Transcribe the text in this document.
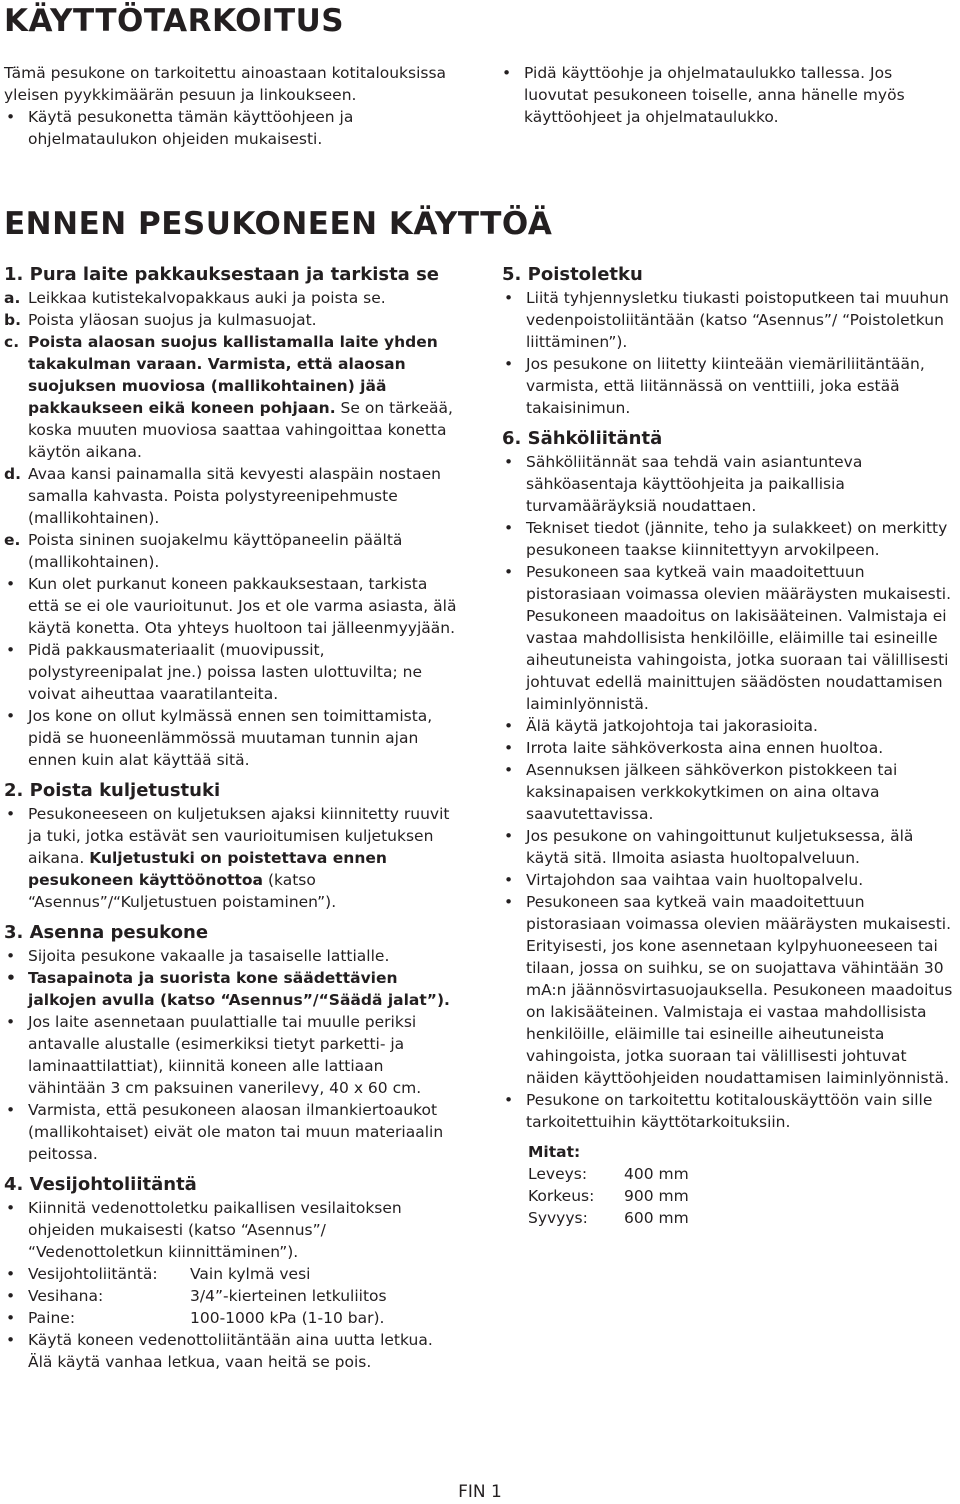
KÄYTTÖTARKOITUS

Tämä pesukone on tarkoitettu ainoastaan kotitalouksissa yleisen pyykkimäärän pesuun ja linkoukseen.

• Käytä pesukonetta tämän käyttöohjeen ja ohjelmataulukon ohjeiden mukaisesti.
• Pidä käyttöohje ja ohjelmataulukko tallessa. Jos luovutat pesukoneen toiselle, anna hänelle myös käyttöohjeet ja ohjelmataulukko.
ENNEN PESUKONEEN KÄYTTÖÄ
1. Pura laite pakkauksestaan ja tarkista se
a. Leikkaa kutistekalvopakkaus auki ja poista se.
b. Poista yläosan suojus ja kulmasuojat.
c. Poista alaosan suojus kallistamalla laite yhden takakulman varaan. Varmista, että alaosan suojuksen muoviosa (mallikohtainen) jää pakkaukseen eikä koneen pohjaan. Se on tärkeää, koska muuten muoviosa saattaa vahingoittaa konetta käytön aikana.
d. Avaa kansi painamalla sitä kevyesti alaspäin nostaen samalla kahvasta. Poista polystyreenipehmuste (mallikohtainen).
e. Poista sininen suojakelmu käyttöpaneelin päältä (mallikohtainen).
• Kun olet purkanut koneen pakkauksestaan, tarkista että se ei ole vaurioitunut. Jos et ole varma asiasta, älä käytä konetta. Ota yhteys huoltoon tai jälleenmyyjään.
• Pidä pakkausmateriaalit (muovipussit, polystyreenipalat jne.) poissa lasten ulottuvilta; ne voivat aiheuttaa vaaratilanteita.
• Jos kone on ollut kylmässä ennen sen toimittamista, pidä se huoneenlämmössä muutaman tunnin ajan ennen kuin alat käyttää sitä.
2. Poista kuljetustuki
• Pesukoneeseen on kuljetuksen ajaksi kiinnitetty ruuvit ja tuki, jotka estävät sen vaurioitumisen kuljetuksen aikana. Kuljetustuki on poistettava ennen pesukoneen käyttöönottoa (katso “Asennus”/“Kuljetustuen poistaminen”).
3. Asenna pesukone
• Sijoita pesukone vakaalle ja tasaiselle lattialle.
• Tasapainota ja suorista kone säädettävien jalkojen avulla (katso “Asennus”/“Säädä jalat”).
• Jos laite asennetaan puulattialle tai muulle periksi antavalle alustalle (esimerkiksi tietyt parketti- ja laminaattilattiat), kiinnitä koneen alle lattiaan vähintään 3 cm paksuinen vanerilevy, 40 x 60 cm.
• Varmista, että pesukoneen alaosan ilmankiertoaukot (mallikohtaiset) eivät ole maton tai muun materiaalin peitossa.
4. Vesijohtoliitäntä
• Kiinnitä vedenottoletku paikallisen vesilaitoksen ohjeiden mukaisesti (katso “Asennus”/ “Vedenottoletkun kiinnittäminen”).
• Vesijohtoliitäntä: Vain kylmä vesi
• Vesihana:	3/4”-kierteinen letkuliitos
• Paine:	100-1000 kPa (1-10 bar).
• Käytä koneen vedenottoliitäntään aina uutta letkua. Älä käytä vanhaa letkua, vaan heitä se pois.
5. Poistoletku
• Liitä tyhjennysletku tiukasti poistoputkeen tai muuhun vedenpoistoliitäntään (katso “Asennus”/ “Poistoletkun liittäminen”).
• Jos pesukone on liitetty kiinteään viemäriliitäntään, varmista, että liitännässä on venttiili, joka estää takaisinimun.
6. Sähköliitäntä
• Sähköliitännät saa tehdä vain asiantunteva sähköasentaja käyttöohjeita ja paikallisia turvamääräyksiä noudattaen.
• Tekniset tiedot (jännite, teho ja sulakkeet) on merkitty pesukoneen taakse kiinnitettyyn arvokilpeen.
• Pesukoneen saa kytkeä vain maadoitettuun pistorasiaan voimassa olevien määräysten mukaisesti. Pesukoneen maadoitus on lakisääteinen. Valmistaja ei vastaa mahdollisista henkilöille, eläimille tai esineille aiheutuneista vahingoista, jotka suoraan tai välillisesti johtuvat edellä mainittujen säädösten noudattamisen laiminlyönnistä.
• Älä käytä jatkojohtoja tai jakorasioita.
• Irrota laite sähköverkosta aina ennen huoltoa.
• Asennuksen jälkeen sähköverkon pistokkeen tai kaksinapaisen verkkokytkimen on aina oltava saavutettavissa.
• Jos pesukone on vahingoittunut kuljetuksessa, älä käytä sitä. Ilmoita asiasta huoltopalveluun.
• Virtajohdon saa vaihtaa vain huoltopalvelu.
• Pesukoneen saa kytkeä vain maadoitettuun pistorasiaan voimassa olevien määräysten mukaisesti. Erityisesti, jos kone asennetaan kylpyhuoneeseen tai tilaan, jossa on suihku, se on suojattava vähintään 30 mA:n jäännösvirtasuojauksella. Pesukoneen maadoitus on lakisääteinen. Valmistaja ei vastaa mahdollisista henkilöille, eläimille tai esineille aiheutuneista vahingoista, jotka suoraan tai välillisesti johtuvat näiden käyttöohjeiden noudattamisen laiminlyönnistä.
• Pesukone on tarkoitettu kotitalouskäyttöön vain sille tarkoitettuihin käyttötarkoituksiin.
Mitat:
Leveys: 400 mm
Korkeus: 900 mm
Syvyys: 600 mm
FIN 1
